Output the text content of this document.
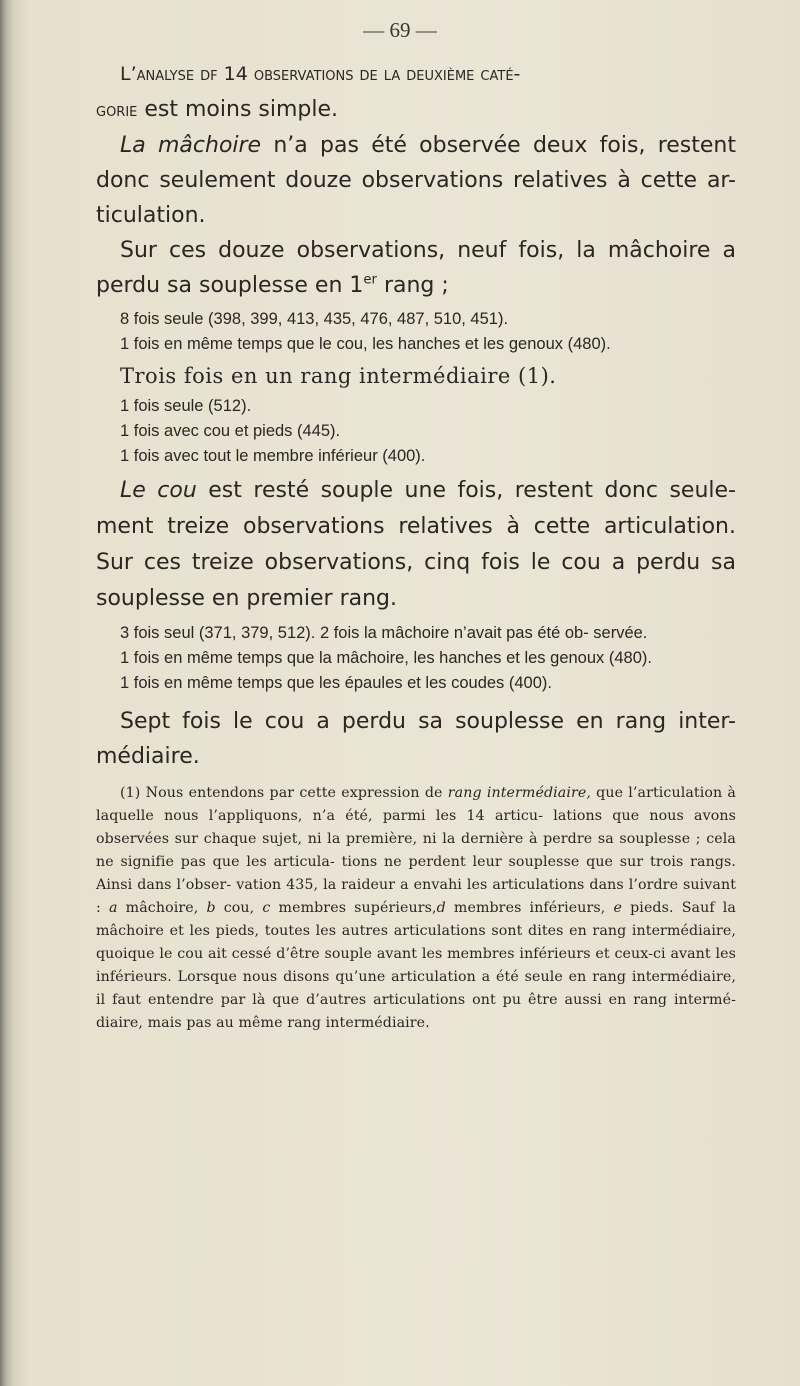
— 69 —

L’analyse df 14 observations de la deuxième caté-
gorie est moins simple.

La mâchoire n’a pas été observée deux fois, restent donc seulement douze observations relatives à cette ar- ticulation.

Sur ces douze observations, neuf fois, la mâchoire a perdu sa souplesse en 1er rang ;

8 fois seule (398, 399, 413, 435, 476, 487, 510, 451).

1 fois en même temps que le cou, les hanches et les genoux (480).

Trois fois en un rang intermédiaire (1).

1 fois seule (512).

1 fois avec cou et pieds (445).

1 fois avec tout le membre inférieur (400).

Le cou est resté souple une fois, restent donc seule- ment treize observations relatives à cette articulation. Sur ces treize observations, cinq fois le cou a perdu sa souplesse en premier rang.

3 fois seul (371, 379, 512). 2 fois la mâchoire n’avait pas été ob- servée.

1 fois en même temps que la mâchoire, les hanches et les genoux (480).

1 fois en même temps que les épaules et les coudes (400).

Sept fois le cou a perdu sa souplesse en rang inter- médiaire.

(1) Nous entendons par cette expression de rang intermédiaire, que l’articulation à laquelle nous l’appliquons, n’a été, parmi les 14 articu- lations que nous avons observées sur chaque sujet, ni la première, ni la dernière à perdre sa souplesse ; cela ne signifie pas que les articula- tions ne perdent leur souplesse que sur trois rangs. Ainsi dans l’obser- vation 435, la raideur a envahi les articulations dans l’ordre suivant : a mâchoire, b cou, c membres supérieurs,d membres inférieurs, e pieds. Sauf la mâchoire et les pieds, toutes les autres articulations sont dites en rang intermédiaire, quoique le cou ait cessé d’être souple avant les membres inférieurs et ceux-ci avant les inférieurs. Lorsque nous disons qu’une articulation a été seule en rang intermédiaire, il faut entendre par là que d’autres articulations ont pu être aussi en rang intermé- diaire, mais pas au même rang intermédiaire.
